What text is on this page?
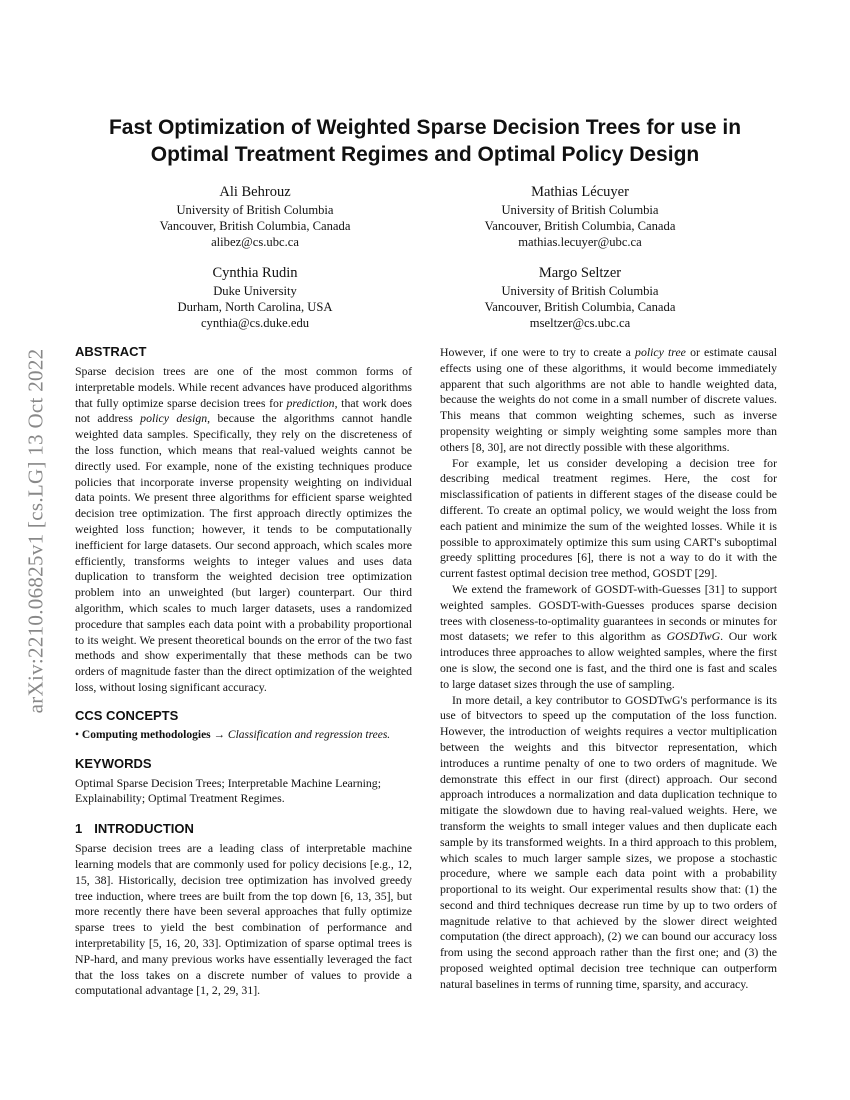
arXiv:2210.06825v1 [cs.LG] 13 Oct 2022
Fast Optimization of Weighted Sparse Decision Trees for use in
Optimal Treatment Regimes and Optimal Policy Design
Ali Behrouz
University of British Columbia
Vancouver, British Columbia, Canada
alibez@cs.ubc.ca
Mathias Lécuyer
University of British Columbia
Vancouver, British Columbia, Canada
mathias.lecuyer@ubc.ca
Cynthia Rudin
Duke University
Durham, North Carolina, USA
cynthia@cs.duke.edu
Margo Seltzer
University of British Columbia
Vancouver, British Columbia, Canada
mseltzer@cs.ubc.ca
ABSTRACT

Sparse decision trees are one of the most common forms of interpretable models. While recent advances have produced algorithms that fully optimize sparse decision trees for prediction, that work does not address policy design, because the algorithms cannot handle weighted data samples. Specifically, they rely on the discreteness of the loss function, which means that real-valued weights cannot be directly used. For example, none of the existing techniques produce policies that incorporate inverse propensity weighting on individual data points. We present three algorithms for efficient sparse weighted decision tree optimization. The first approach directly optimizes the weighted loss function; however, it tends to be computationally inefficient for large datasets. Our second approach, which scales more efficiently, transforms weights to integer values and uses data duplication to transform the weighted decision tree optimization problem into an unweighted (but larger) counterpart. Our third algorithm, which scales to much larger datasets, uses a randomized procedure that samples each data point with a probability proportional to its weight. We present theoretical bounds on the error of the two fast methods and show experimentally that these methods can be two orders of magnitude faster than the direct optimization of the weighted loss, without losing significant accuracy.

CCS CONCEPTS

• Computing methodologies → Classification and regression trees.

KEYWORDS

Optimal Sparse Decision Trees; Interpretable Machine Learning; Explainability; Optimal Treatment Regimes.

1 INTRODUCTION

Sparse decision trees are a leading class of interpretable machine learning models that are commonly used for policy decisions [e.g., 12, 15, 38]. Historically, decision tree optimization has involved greedy tree induction, where trees are built from the top down [6, 13, 35], but more recently there have been several approaches that fully optimize sparse trees to yield the best combination of performance and interpretability [5, 16, 20, 33]. Optimization of sparse optimal trees is NP-hard, and many previous works have essentially leveraged the fact that the loss takes on a discrete number of values to provide a computational advantage [1, 2, 29, 31].

However, if one were to try to create a policy tree or estimate causal effects using one of these algorithms, it would become immediately apparent that such algorithms are not able to handle weighted data, because the weights do not come in a small number of discrete values. This means that common weighting schemes, such as inverse propensity weighting or simply weighting some samples more than others [8, 30], are not directly possible with these algorithms.

For example, let us consider developing a decision tree for describing medical treatment regimes. Here, the cost for misclassification of patients in different stages of the disease could be different. To create an optimal policy, we would weight the loss from each patient and minimize the sum of the weighted losses. While it is possible to approximately optimize this sum using CART's suboptimal greedy splitting procedures [6], there is not a way to do it with the current fastest optimal decision tree method, GOSDT [29].

We extend the framework of GOSDT-with-Guesses [31] to support weighted samples. GOSDT-with-Guesses produces sparse decision trees with closeness-to-optimality guarantees in seconds or minutes for most datasets; we refer to this algorithm as GOSDTwG. Our work introduces three approaches to allow weighted samples, where the first one is slow, the second one is fast, and the third one is fast and scales to large dataset sizes through the use of sampling.

In more detail, a key contributor to GOSDTwG's performance is its use of bitvectors to speed up the computation of the loss function. However, the introduction of weights requires a vector multiplication between the weights and this bitvector representation, which introduces a runtime penalty of one to two orders of magnitude. We demonstrate this effect in our first (direct) approach. Our second approach introduces a normalization and data duplication technique to mitigate the slowdown due to having real-valued weights. Here, we transform the weights to small integer values and then duplicate each sample by its transformed weights. In a third approach to this problem, which scales to much larger sample sizes, we propose a stochastic procedure, where we sample each data point with a probability proportional to its weight. Our experimental results show that: (1) the second and third techniques decrease run time by up to two orders of magnitude relative to that achieved by the slower direct weighted computation (the direct approach), (2) we can bound our accuracy loss from using the second approach rather than the first one; and (3) the proposed weighted optimal decision tree technique can outperform natural baselines in terms of running time, sparsity, and accuracy.
